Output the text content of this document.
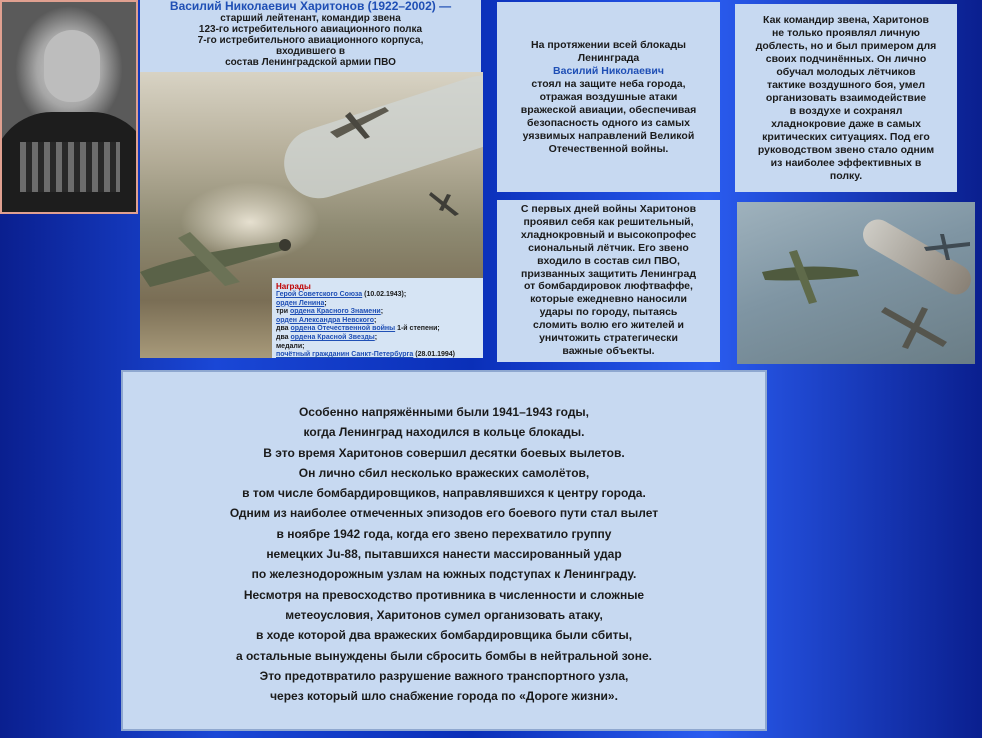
Василий Николаевич Харитонов (1922–2002) —
старший лейтенант, командир звена
123-го истребительного авиационного полка
7-го истребительного авиационного корпуса,
входившего в
состав Ленинградской армии ПВО
Награды
Герой Советского Союза (10.02.1943);
орден Ленина;
три ордена Красного Знамени;
орден Александра Невского;
два ордена Отечественной войны 1-й степени;
два ордена Красной Звезды;
медали;
почётный гражданин Санкт-Петербурга (28.01.1994)
На протяжении всей блокады
Ленинграда
Василий Николаевич
стоял на защите неба города,
отражая воздушные атаки
вражеской авиации, обеспечивая
безопасность одного из самых
уязвимых направлений Великой
Отечественной войны.
Как командир звена, Харитонов
не только проявлял личную
доблесть, но и был примером для
своих подчинённых. Он лично
обучал молодых лётчиков
тактике воздушного боя, умел
организовать взаимодействие
в воздухе и сохранял
хладнокровие даже в самых
критических ситуациях. Под его
руководством звено стало одним
из наиболее эффективных в
полку.
С первых дней войны Харитонов
проявил себя как решительный,
хладнокровный и высокопрофес
сиональный лётчик. Его звено
входило в состав сил ПВО,
призванных защитить Ленинград
от бомбардировок люфтваффе,
которые ежедневно наносили
удары по городу, пытаясь
сломить волю его жителей и
уничтожить стратегически
важные объекты.
Особенно напряжёнными были 1941–1943 годы,
когда Ленинград находился в кольце блокады.
В это время Харитонов совершил десятки боевых вылетов.
Он лично сбил несколько вражеских самолётов,
в том числе бомбардировщиков, направлявшихся к центру города.
Одним из наиболее отмеченных эпизодов его боевого пути стал вылет
в ноябре 1942 года, когда его звено перехватило группу
немецких Ju-88, пытавшихся нанести массированный удар
по железнодорожным узлам на южных подступах к Ленинграду.
Несмотря на превосходство противника в численности и сложные
метеоусловия, Харитонов сумел организовать атаку,
в ходе которой два вражеских бомбардировщика были сбиты,
а остальные вынуждены были сбросить бомбы в нейтральной зоне.
Это предотвратило разрушение важного транспортного узла,
через который шло снабжение города по «Дороге жизни».
